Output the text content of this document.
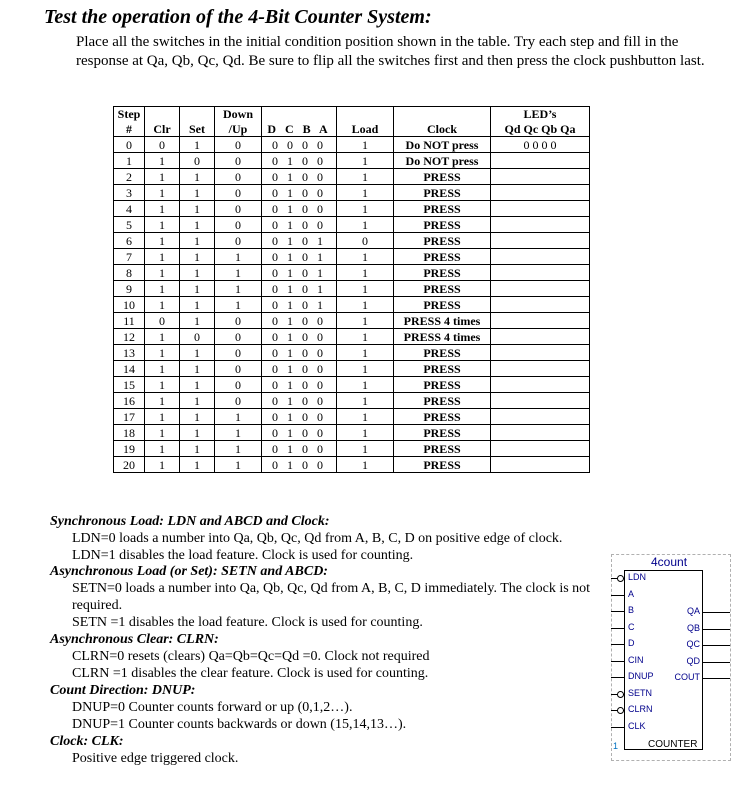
Test the operation of the 4-Bit Counter System:
Place all the switches in the initial condition position shown in the table. Try each step and fill in the response at Qa, Qb, Qc, Qd. Be sure to flip all the switches first and then press the clock pushbutton last.
Step			Down				LED’s
#	Clr	Set	/Up	D C B A	Load	Clock	Qd Qc Qb Qa
0	0	1	0	0 0 0 0	1	Do NOT press	0 0 0 0
1	1	0	0	0 1 0 0	1	Do NOT press	
2	1	1	0	0 1 0 0	1	PRESS	
3	1	1	0	0 1 0 0	1	PRESS	
4	1	1	0	0 1 0 0	1	PRESS	
5	1	1	0	0 1 0 0	1	PRESS	
6	1	1	0	0 1 0 1	0	PRESS	
7	1	1	1	0 1 0 1	1	PRESS	
8	1	1	1	0 1 0 1	1	PRESS	
9	1	1	1	0 1 0 1	1	PRESS	
10	1	1	1	0 1 0 1	1	PRESS	
11	0	1	0	0 1 0 0	1	PRESS 4 times	
12	1	0	0	0 1 0 0	1	PRESS 4 times	
13	1	1	0	0 1 0 0	1	PRESS	
14	1	1	0	0 1 0 0	1	PRESS	
15	1	1	0	0 1 0 0	1	PRESS	
16	1	1	0	0 1 0 0	1	PRESS	
17	1	1	1	0 1 0 0	1	PRESS	
18	1	1	1	0 1 0 0	1	PRESS	
19	1	1	1	0 1 0 0	1	PRESS	
20	1	1	1	0 1 0 0	1	PRESS	
Synchronous Load: LDN and ABCD and Clock:
LDN=0 loads a number into Qa, Qb, Qc, Qd from A, B, C, D on positive edge of clock.
LDN=1 disables the load feature. Clock is used for counting.
Asynchronous Load (or Set): SETN and ABCD:
SETN=0 loads a number into Qa, Qb, Qc, Qd from A, B, C, D immediately. The clock is not required.
SETN =1 disables the load feature. Clock is used for counting.
Asynchronous Clear: CLRN:
CLRN=0 resets (clears) Qa=Qb=Qc=Qd =0. Clock not required
CLRN =1 disables the clear feature. Clock is used for counting.
Count Direction: DNUP:
DNUP=0 Counter counts forward or up (0,1,2…).
DNUP=1 Counter counts backwards or down (15,14,13…).
Clock: CLK:
Positive edge triggered clock.
4count
1	COUNTER
LDN
A
B
C
D
CIN
DNUP
SETN
CLRN
CLK
QA
QB
QC
QD
COUT
